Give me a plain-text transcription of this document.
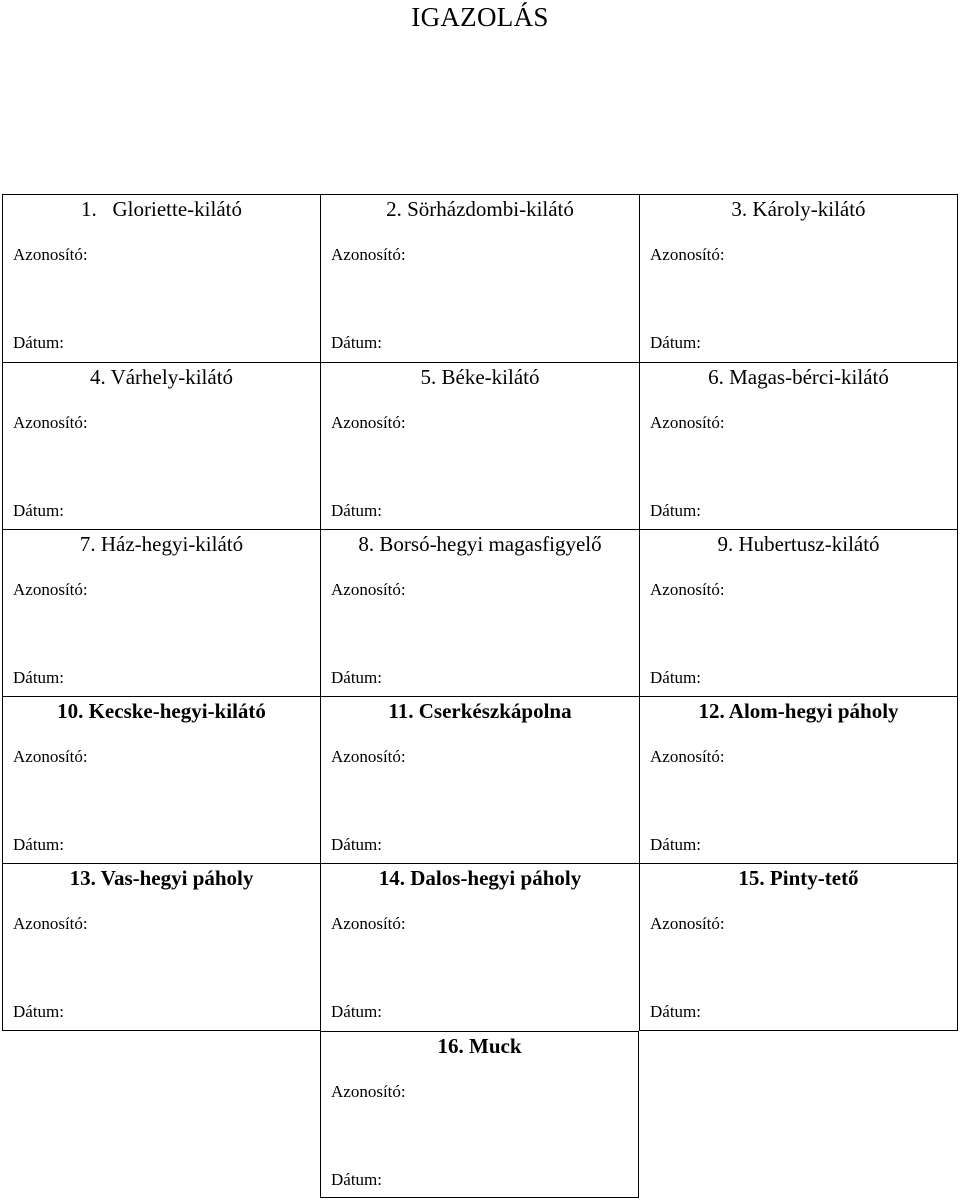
IGAZOLÁS
1.   Gloriette-kilátó
Azonosító:
Dátum:
2. Sörházdombi-kilátó
Azonosító:
Dátum:
3. Károly-kilátó
Azonosító:
Dátum:
4. Várhely-kilátó
Azonosító:
Dátum:
5. Béke-kilátó
Azonosító:
Dátum:
6. Magas-bérci-kilátó
Azonosító:
Dátum:
7. Ház-hegyi-kilátó
Azonosító:
Dátum:
8. Borsó-hegyi magasfigyelő
Azonosító:
Dátum:
9. Hubertusz-kilátó
Azonosító:
Dátum:
10. Kecske-hegyi-kilátó
Azonosító:
Dátum:
11. Cserkészkápolna
Azonosító:
Dátum:
12. Alom-hegyi páholy
Azonosító:
Dátum:
13. Vas-hegyi páholy
Azonosító:
Dátum:
14. Dalos-hegyi páholy
Azonosító:
Dátum:
15. Pinty-tető
Azonosító:
Dátum:
16. Muck
Azonosító:
Dátum:
